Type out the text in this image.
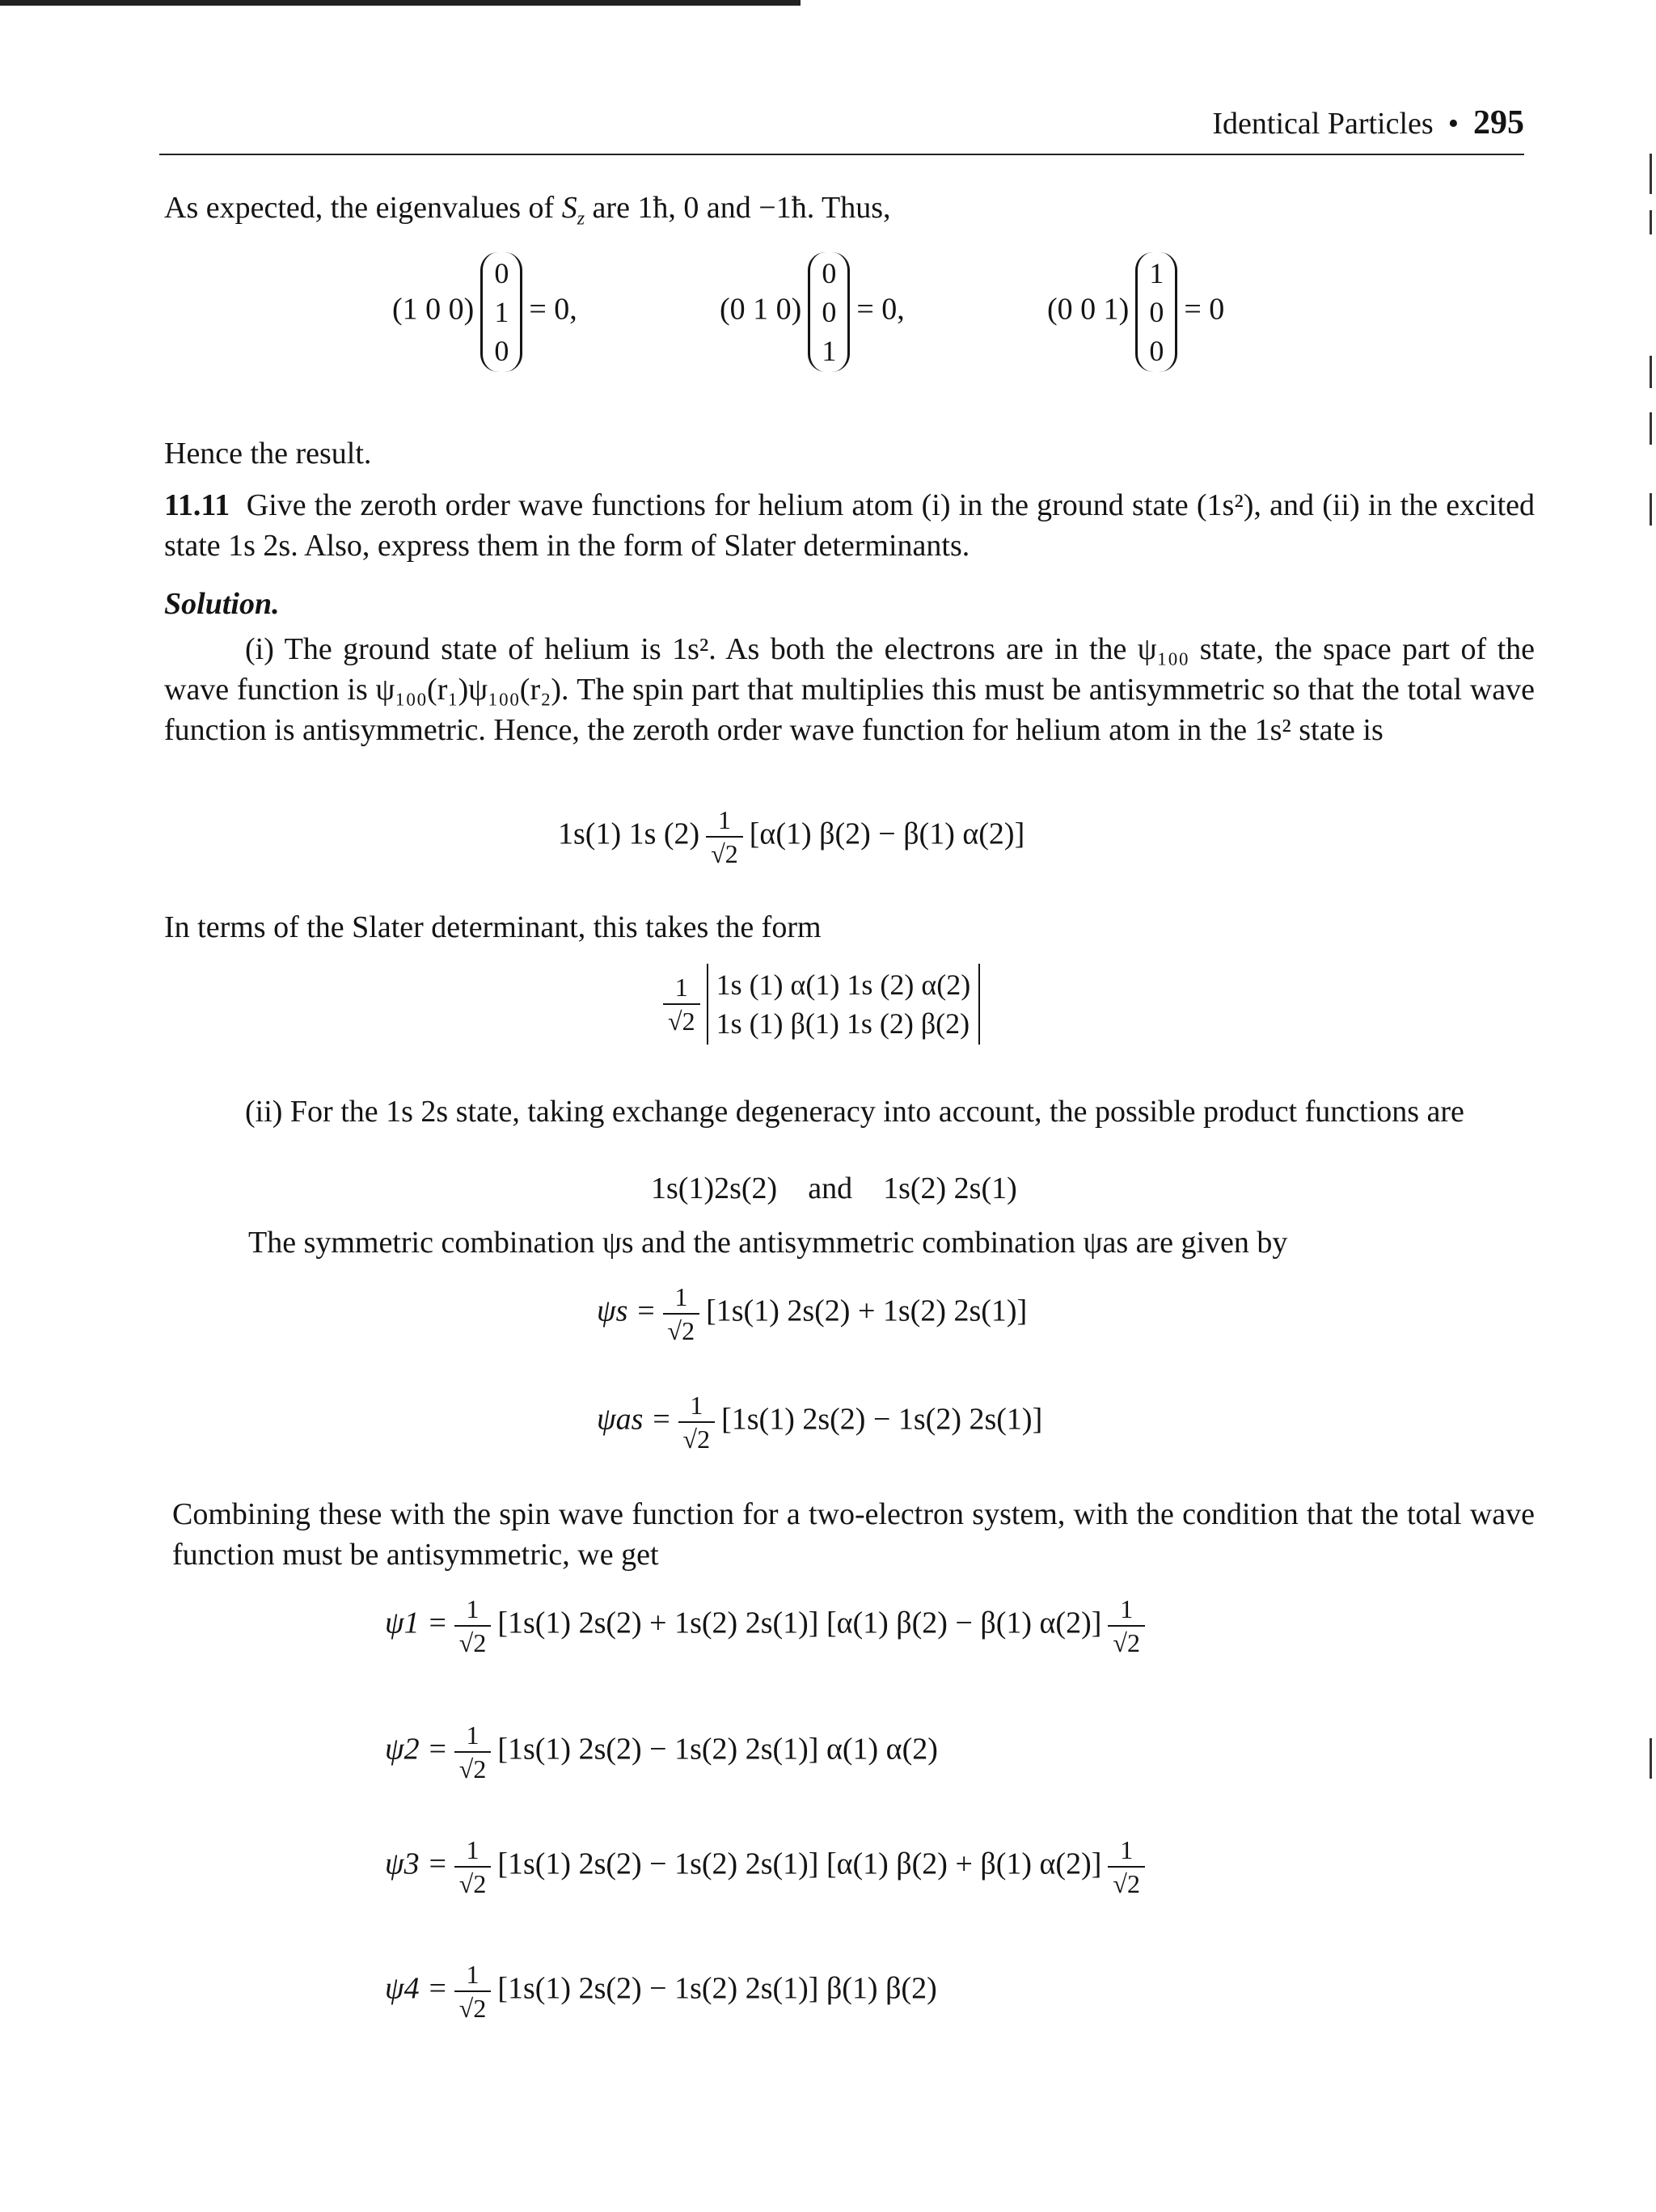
Identical Particles • 295
As expected, the eigenvalues of $S_z$ are 1ħ, 0 and −1ħ. Thus,
(1 0 0)
0
1
0
= 0,	(0 1 0)
0
0
1
= 0,	(0 0 1)
1
0
0
= 0
Hence the result.
11.11 Give the zeroth order wave functions for helium atom (i) in the ground state (1s²), and (ii) in the excited state 1s 2s. Also, express them in the form of Slater determinants.
Solution.
(i) The ground state of helium is 1s². As both the electrons are in the ψ₁₀₀ state, the space part of the wave function is ψ₁₀₀(r₁)ψ₁₀₀(r₂). The spin part that multiplies this must be antisymmetric so that the total wave function is antisymmetric. Hence, the zeroth order wave function for helium atom in the 1s² state is
1s(1) 1s $(2) \frac{1}{√2} [\alpha(1) \beta(2) - \beta(1)$ α(2)]
In terms of the Slater determinant, this takes the form
$\frac{1}{√2} 1s$ (1) α(1) 1s (2) α(2)
1s (1) β(1) 1s (2) β(2)
(ii) For the 1s 2s state, taking exchange degeneracy into account, the possible product functions are
1s(1)2s(2) and 1s(2) 2s(1)
The symmetric combination ψs and the antisymmetric combination ψas are given by
$\psi s = \frac{1}{√2} [1s(1) 2s(2) + 1s(2)$ 2s(1)]
$\psi as = \frac{1}{√2} [1s(1) 2s(2) - 1s(2)$ 2s(1)]
Combining these with the spin wave function for a two-electron system, with the condition that the total wave function must be antisymmetric, we get
$\psi 1 = \frac{1}{√2} [1s(1) 2s(2) + 1s(2)$ 2s(1)] [α(1) β(2) − β(1) $\alpha(2)] \frac{1}{√2}$
$\psi 2 = \frac{1}{√2} [1s(1) 2s(2) - 1s(2)$ 2s(1)] α(1) α(2)
$\psi 3 = \frac{1}{√2} [1s(1) 2s(2) - 1s(2)$ 2s(1)] [α(1) β(2) + β(1) $\alpha(2)] \frac{1}{√2}$
$\psi 4 = \frac{1}{√2} [1s(1) 2s(2) - 1s(2)$ 2s(1)] β(1) β(2)
